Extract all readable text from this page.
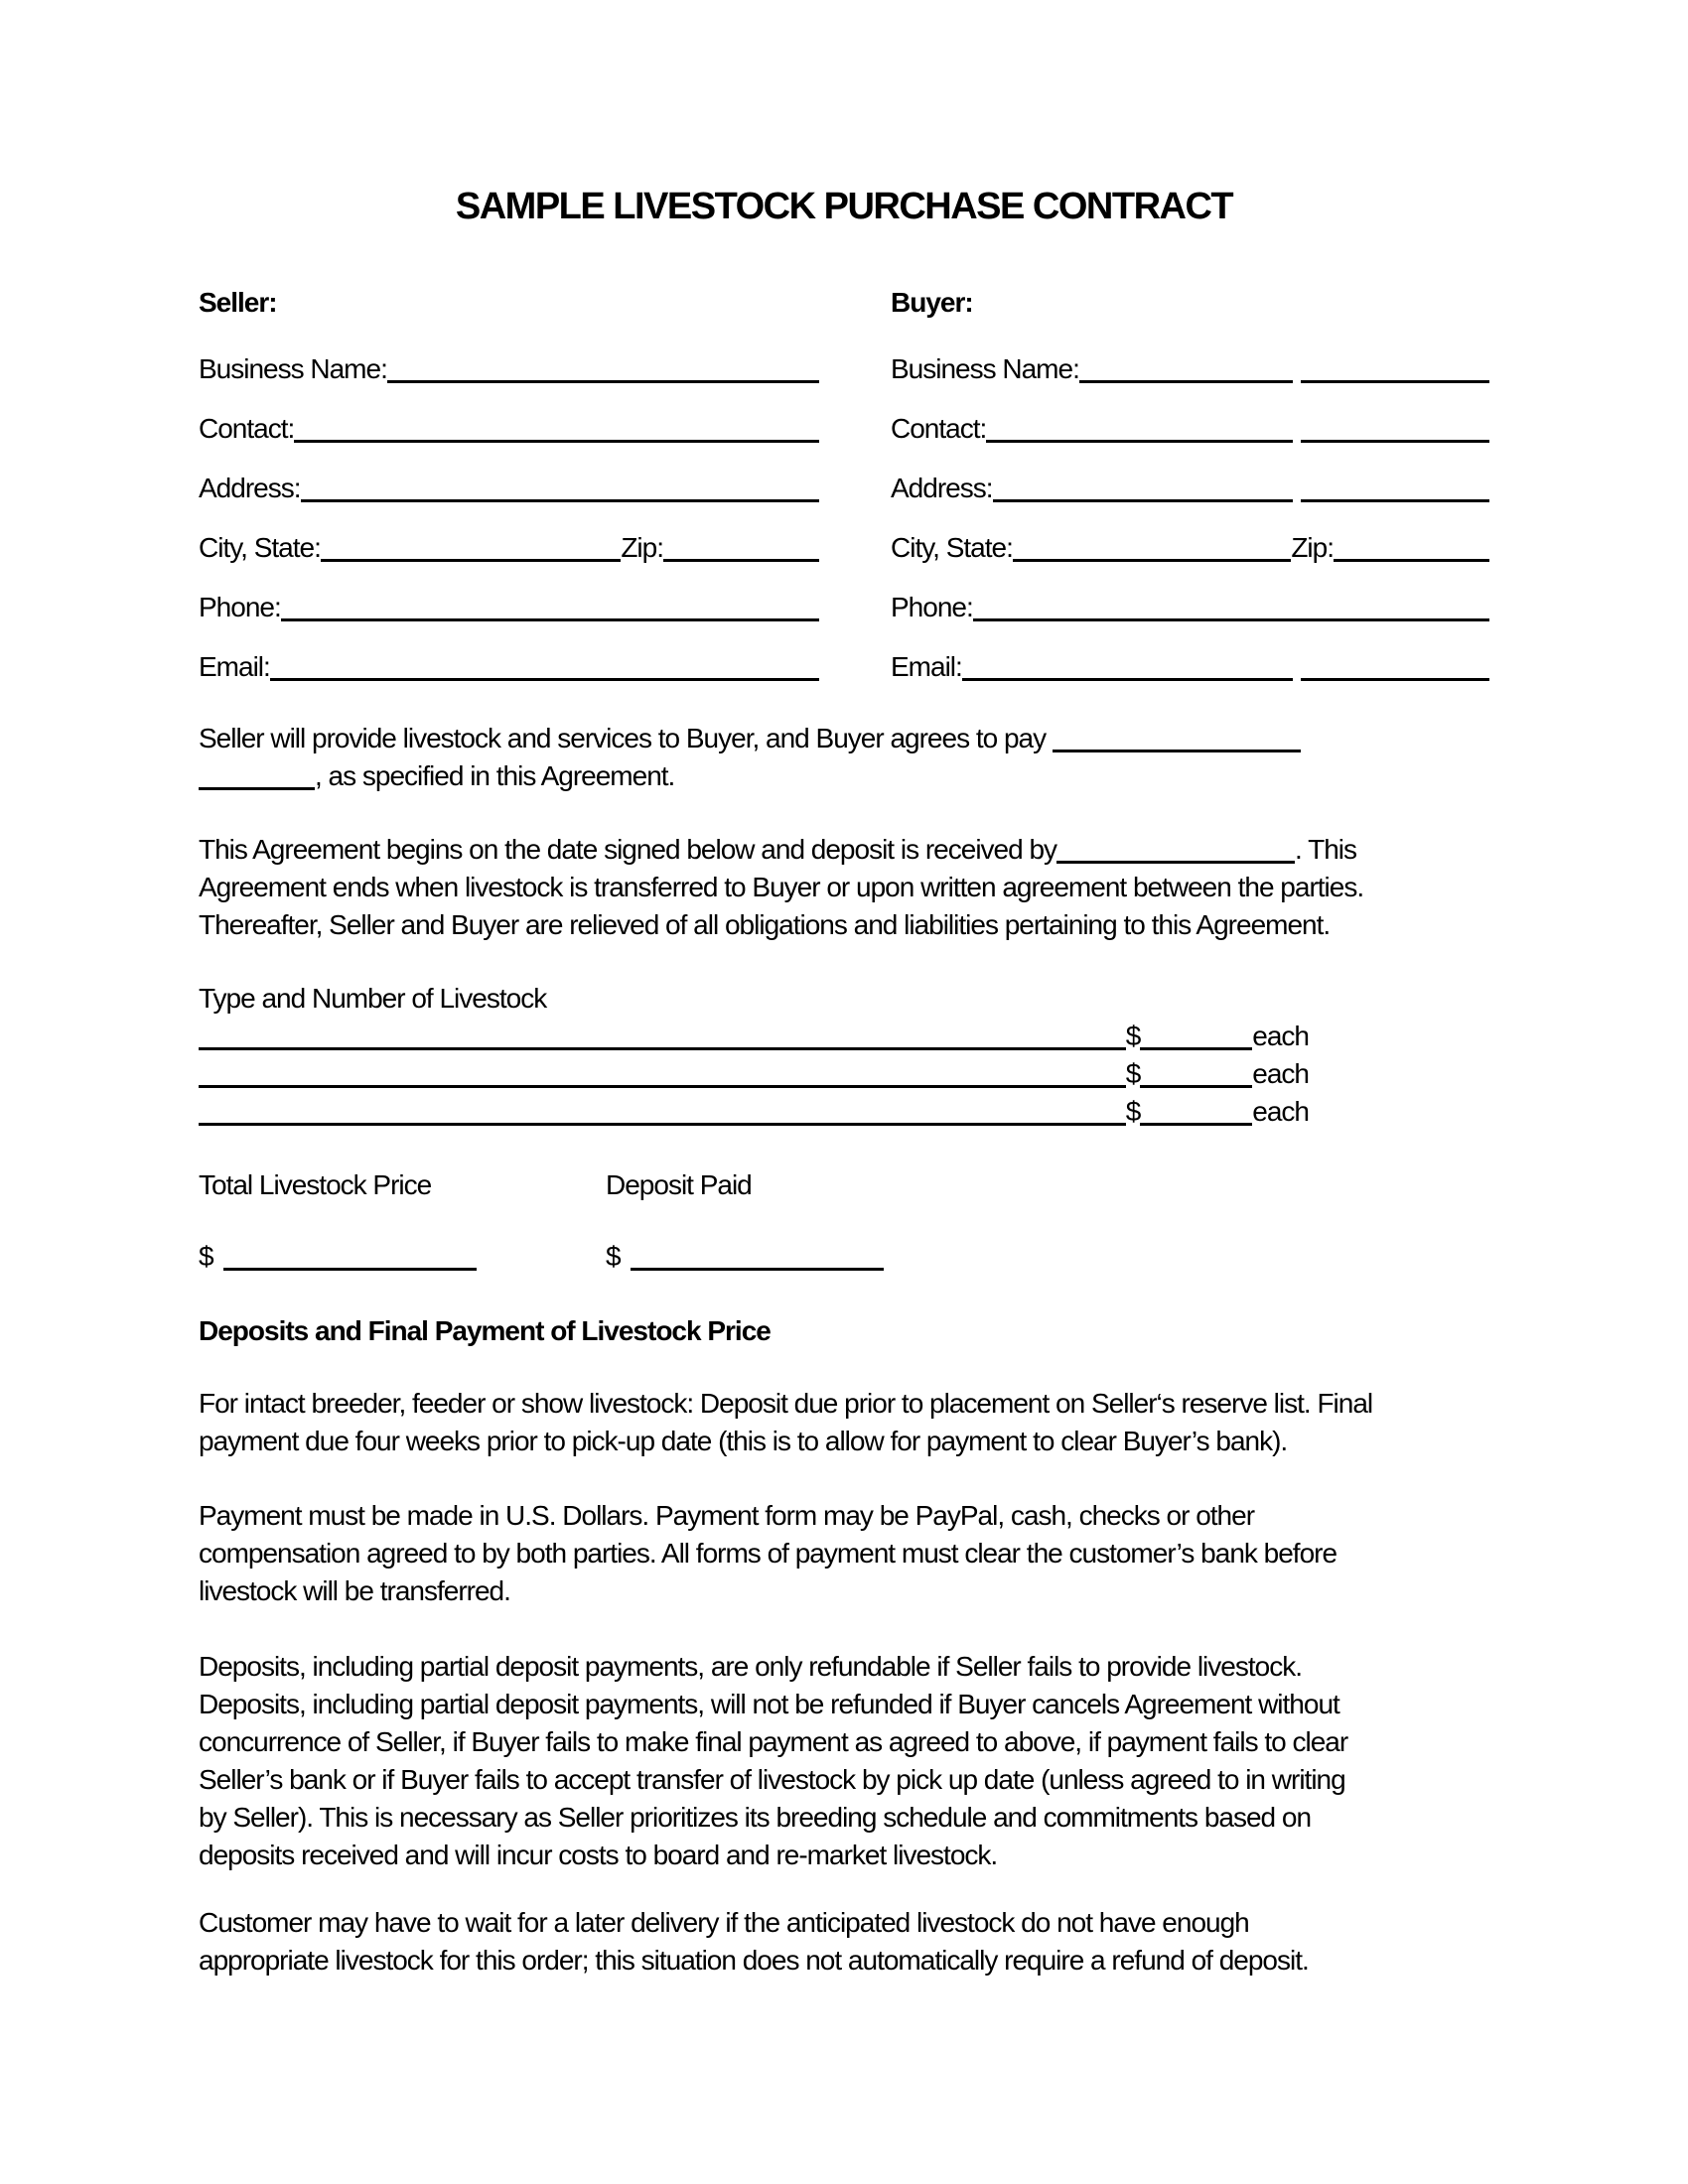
SAMPLE LIVESTOCK PURCHASE CONTRACT
Seller:
Business Name:
Contact:
Address:
City, State:	Zip:
Phone:
Email:
Buyer:
Business Name:
Contact:
Address:
City, State:	Zip:
Phone:
Email:
Seller will provide livestock and services to Buyer, and Buyer agrees to pay
, as specified in this Agreement.
This Agreement begins on the date signed below and deposit is received by	. This
Agreement ends when livestock is transferred to Buyer or upon written agreement between the parties.
Thereafter, Seller and Buyer are relieved of all obligations and liabilities pertaining to this Agreement.
Type and Number of Livestock
$	each
$	each
$	each
Total Livestock Price	Deposit Paid
$	$
Deposits and Final Payment of Livestock Price
For intact breeder, feeder or show livestock: Deposit due prior to placement on Seller‘s reserve list. Final
payment due four weeks prior to pick-up date (this is to allow for payment to clear Buyer’s bank).
Payment must be made in U.S. Dollars. Payment form may be PayPal, cash, checks or other
compensation agreed to by both parties. All forms of payment must clear the customer’s bank before
livestock will be transferred.
Deposits, including partial deposit payments, are only refundable if Seller fails to provide livestock.
Deposits, including partial deposit payments, will not be refunded if Buyer cancels Agreement without
concurrence of Seller, if Buyer fails to make final payment as agreed to above, if payment fails to clear
Seller’s bank or if Buyer fails to accept transfer of livestock by pick up date (unless agreed to in writing
by Seller). This is necessary as Seller prioritizes its breeding schedule and commitments based on
deposits received and will incur costs to board and re-market livestock.
Customer may have to wait for a later delivery if the anticipated livestock do not have enough
appropriate livestock for this order; this situation does not automatically require a refund of deposit.
